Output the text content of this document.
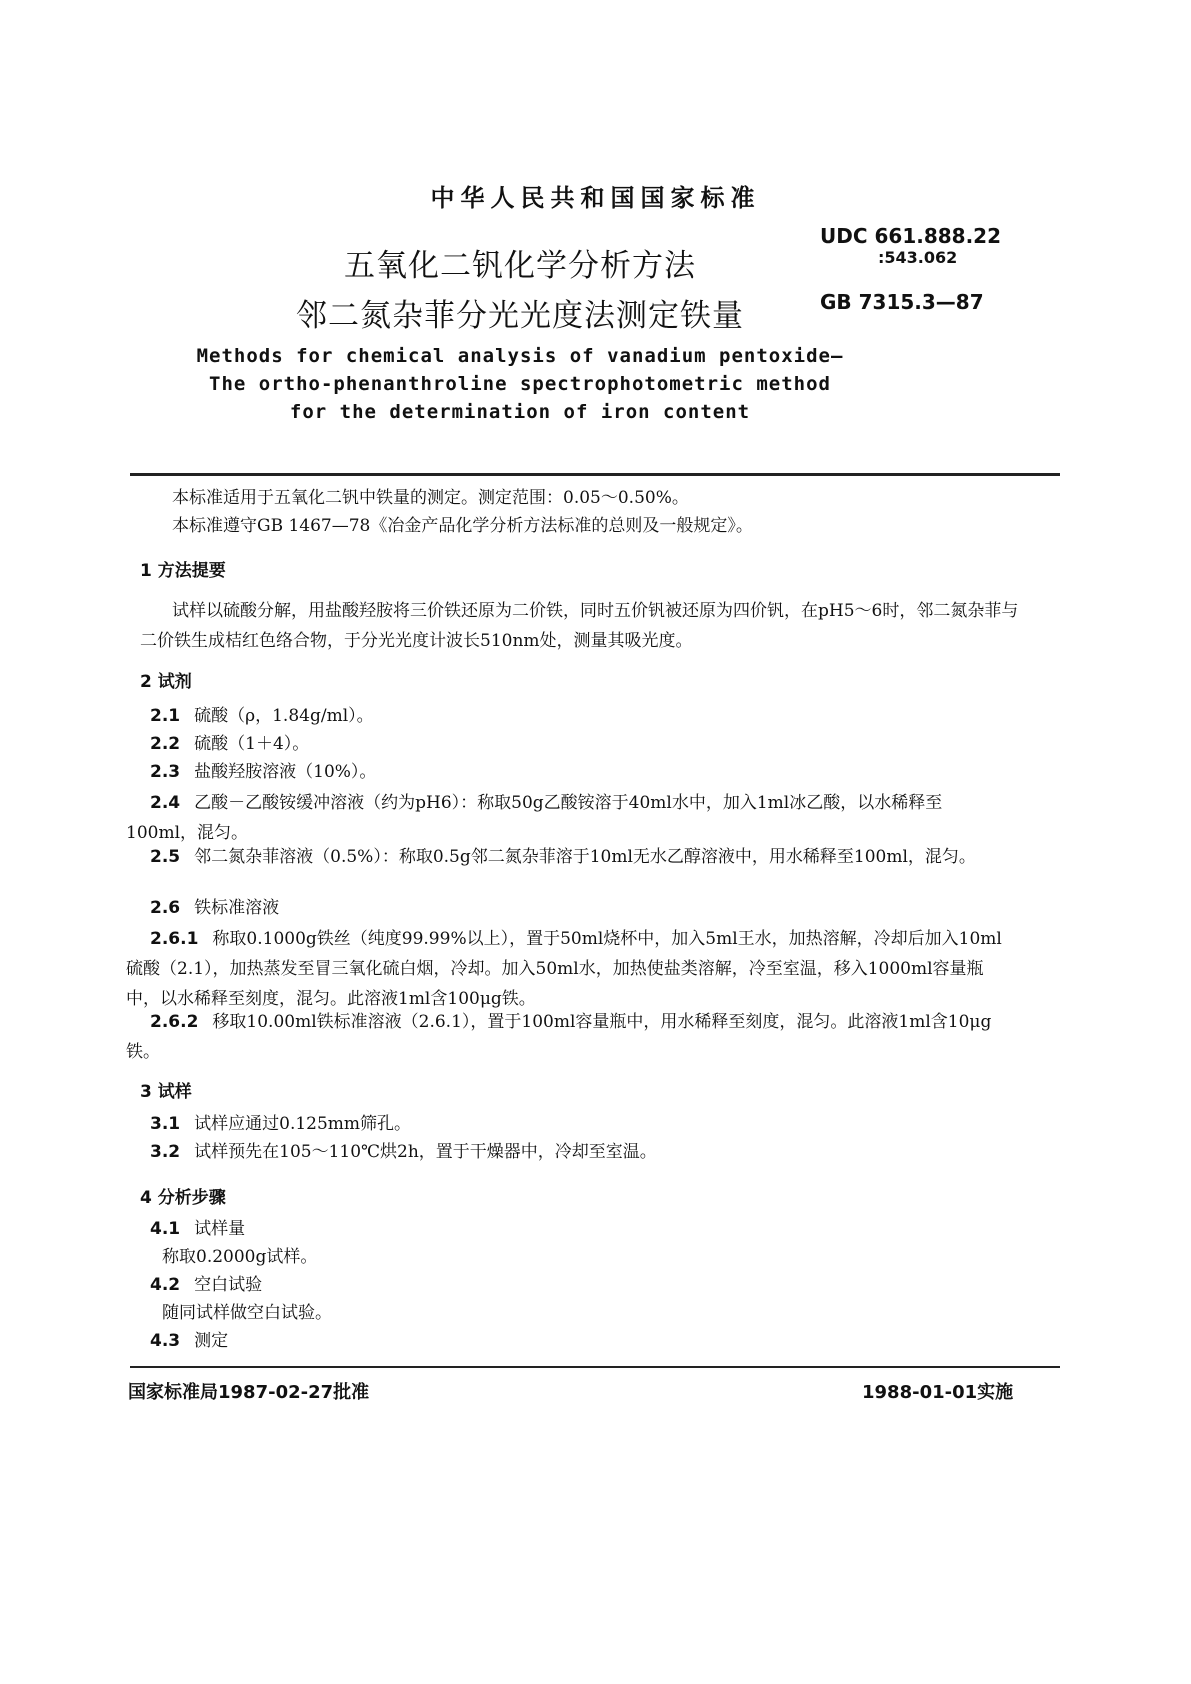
中华人民共和国国家标准
五氧化二钒化学分析方法
邻二氮杂菲分光光度法测定铁量
UDC 661.888.22
:543.062
GB 7315.3—87
Methods for chemical analysis of vanadium pentoxide—
The ortho-phenanthroline spectrophotometric method
for the determination of iron content
本标准适用于五氧化二钒中铁量的测定。测定范围：0.05～0.50%。
本标准遵守GB 1467—78《冶金产品化学分析方法标准的总则及一般规定》。
1 方法提要
试样以硫酸分解，用盐酸羟胺将三价铁还原为二价铁，同时五价钒被还原为四价钒，在pH5～6时，邻二氮杂菲与二价铁生成桔红色络合物，于分光光度计波长510nm处，测量其吸光度。
2 试剂
2.1 硫酸（ρ，1.84g/ml）。
2.2 硫酸（1＋4）。
2.3 盐酸羟胺溶液（10%）。
2.4 乙酸－乙酸铵缓冲溶液（约为pH6）：称取50g乙酸铵溶于40ml水中，加入1ml冰乙酸，以水稀释至100ml，混匀。
2.5 邻二氮杂菲溶液（0.5%）：称取0.5g邻二氮杂菲溶于10ml无水乙醇溶液中，用水稀释至100ml，混匀。
2.6 铁标准溶液
2.6.1 称取0.1000g铁丝（纯度99.99%以上），置于50ml烧杯中，加入5ml王水，加热溶解，冷却后加入10ml硫酸（2.1），加热蒸发至冒三氧化硫白烟，冷却。加入50ml水，加热使盐类溶解，冷至室温，移入1000ml容量瓶中，以水稀释至刻度，混匀。此溶液1ml含100μg铁。
2.6.2 移取10.00ml铁标准溶液（2.6.1），置于100ml容量瓶中，用水稀释至刻度，混匀。此溶液1ml含10μg铁。
3 试样
3.1 试样应通过0.125mm筛孔。
3.2 试样预先在105～110℃烘2h，置于干燥器中，冷却至室温。
4 分析步骤
4.1 试样量
称取0.2000g试样。
4.2 空白试验
随同试样做空白试验。
4.3 测定
国家标准局1987-02-27批准	1988-01-01实施
